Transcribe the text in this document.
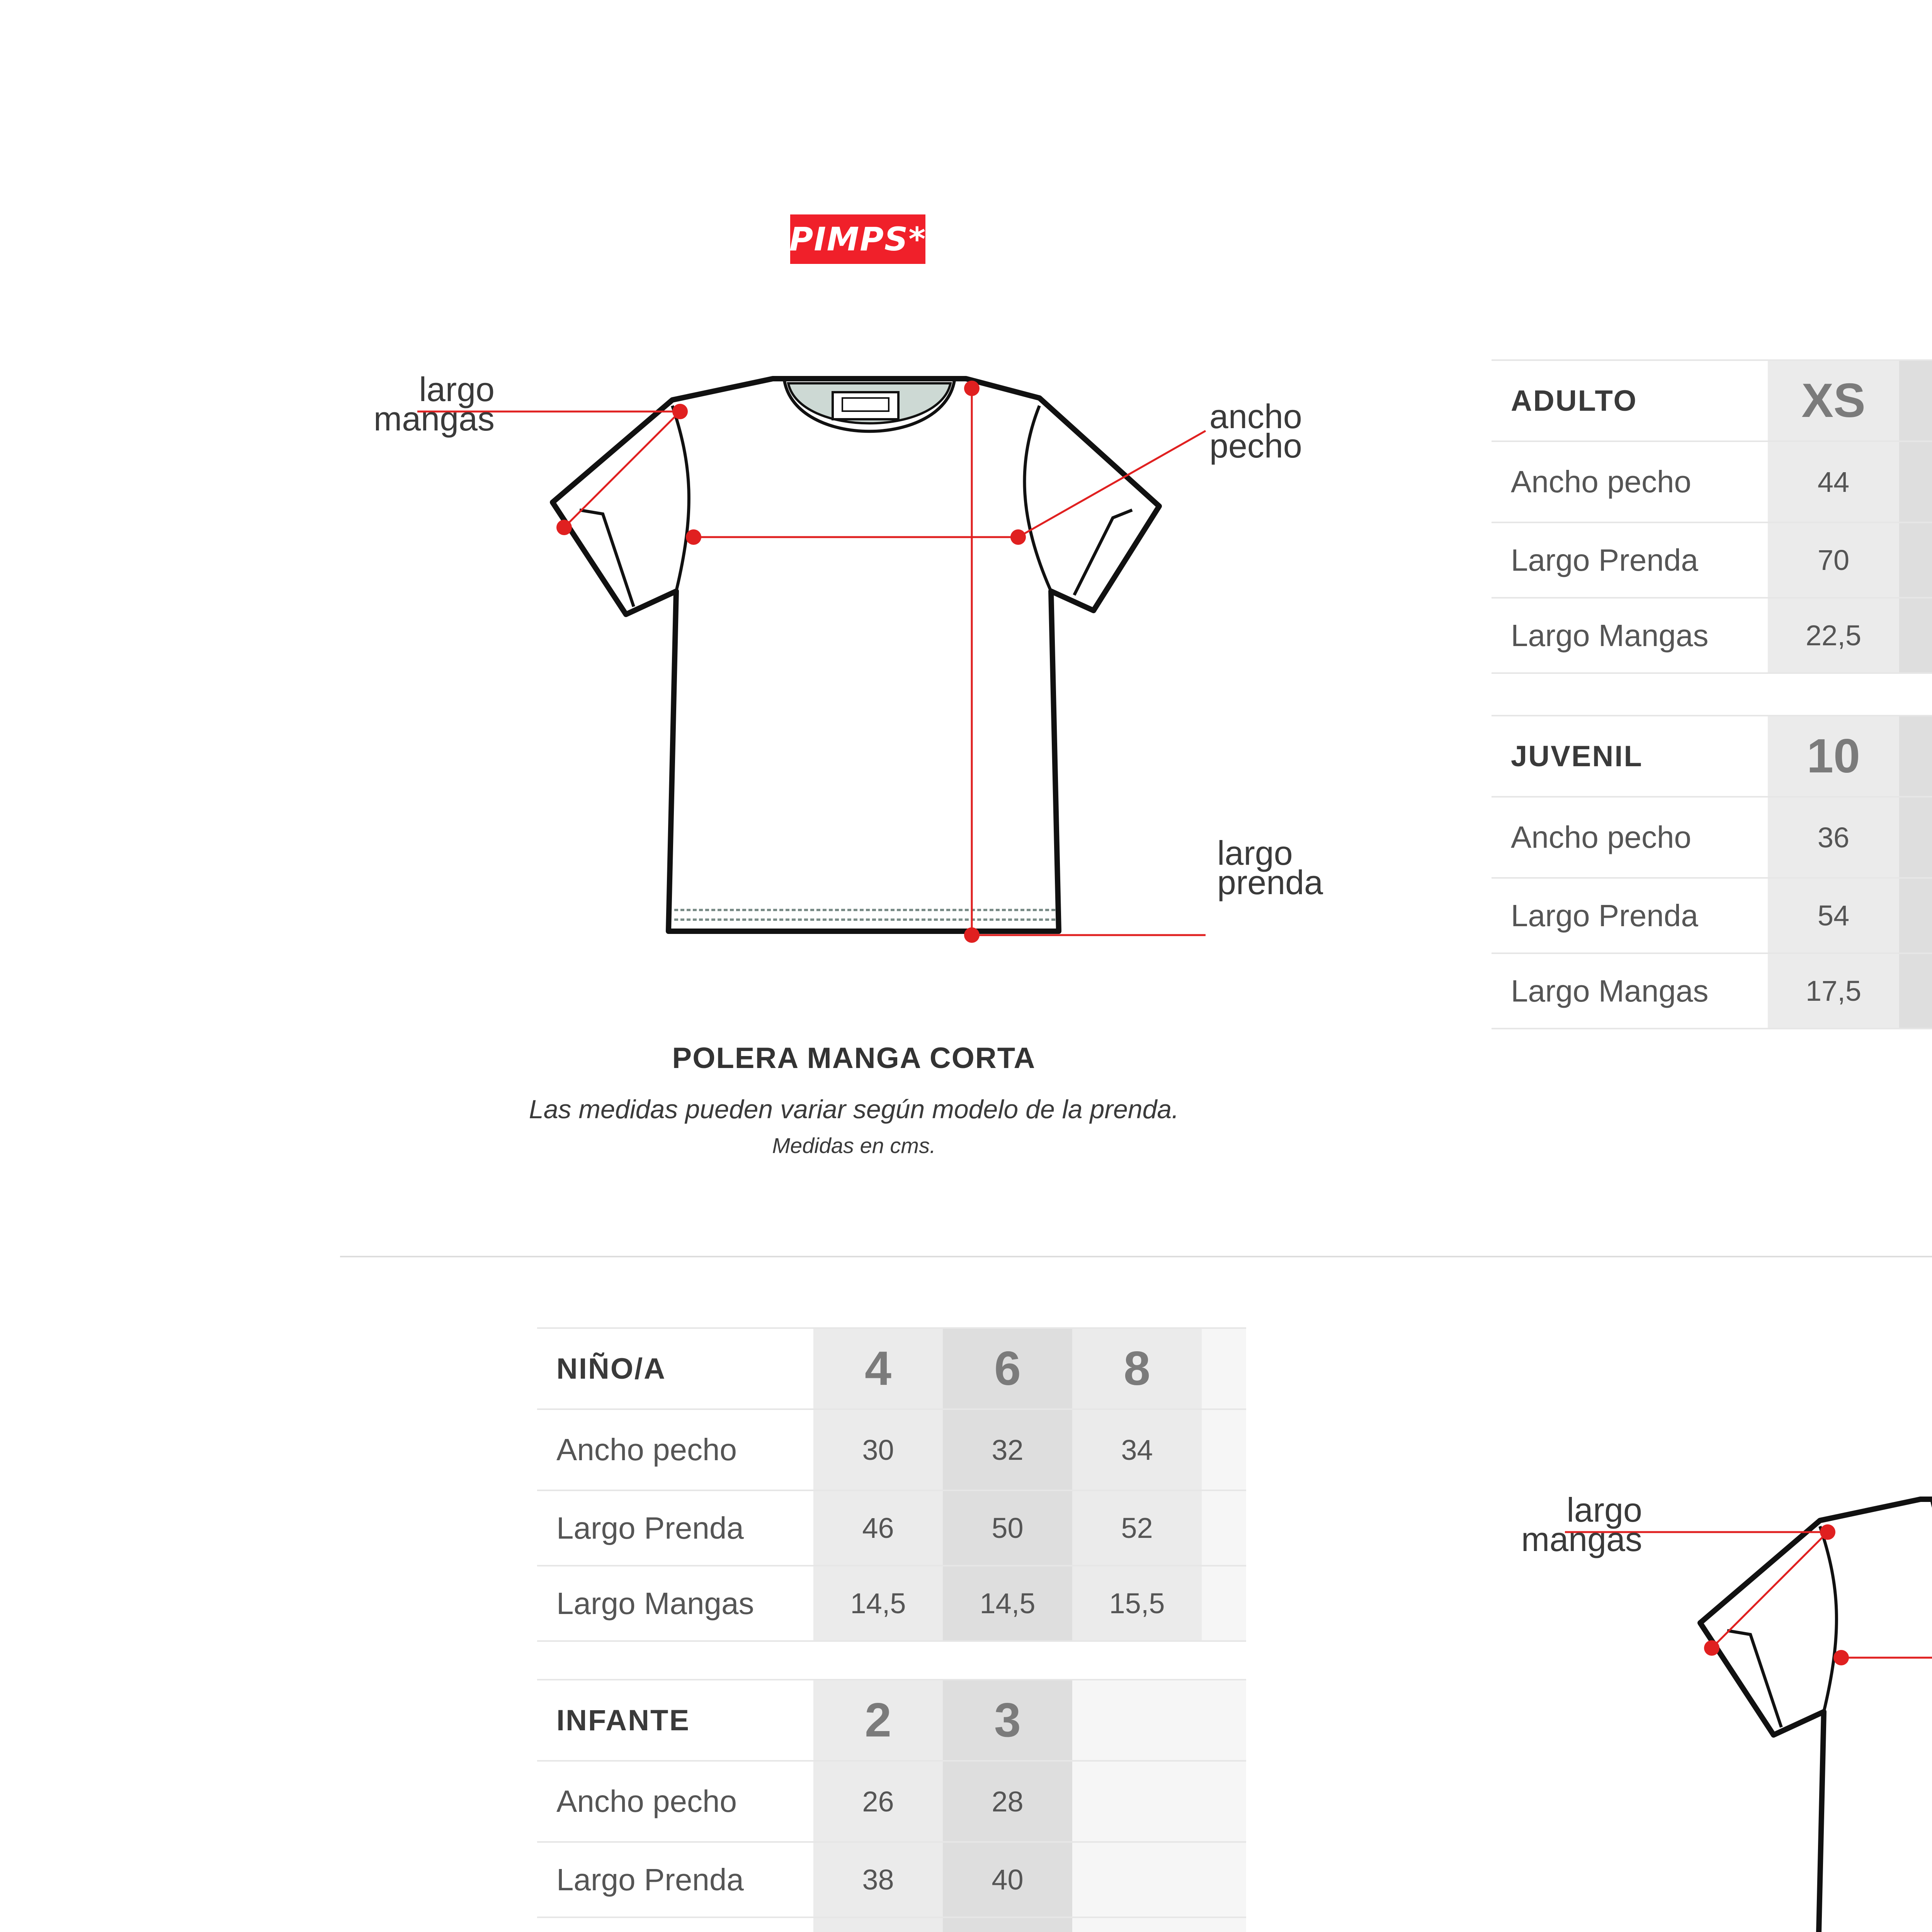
PIMPS*
largo
mangas	ancho
pecho
largo
prenda
POLERA MANGA CORTA
Las medidas pueden variar según modelo de la prenda.
Medidas en cms.
ADULTO	XS					
Ancho pecho	44					
Largo Prenda	70					
Largo Mangas	22,5					
JUVENIL	10					
Ancho pecho	36					
Largo Prenda	54					
Largo Mangas	17,5					
NIÑO/A	4	6	8	
Ancho pecho	30	32	34	
Largo Prenda	46	50	52	
Largo Mangas	14,5	14,5	15,5	
INFANTE	2	3		
Ancho pecho	26	28		
Largo Prenda	38	40		

largo
mangas
